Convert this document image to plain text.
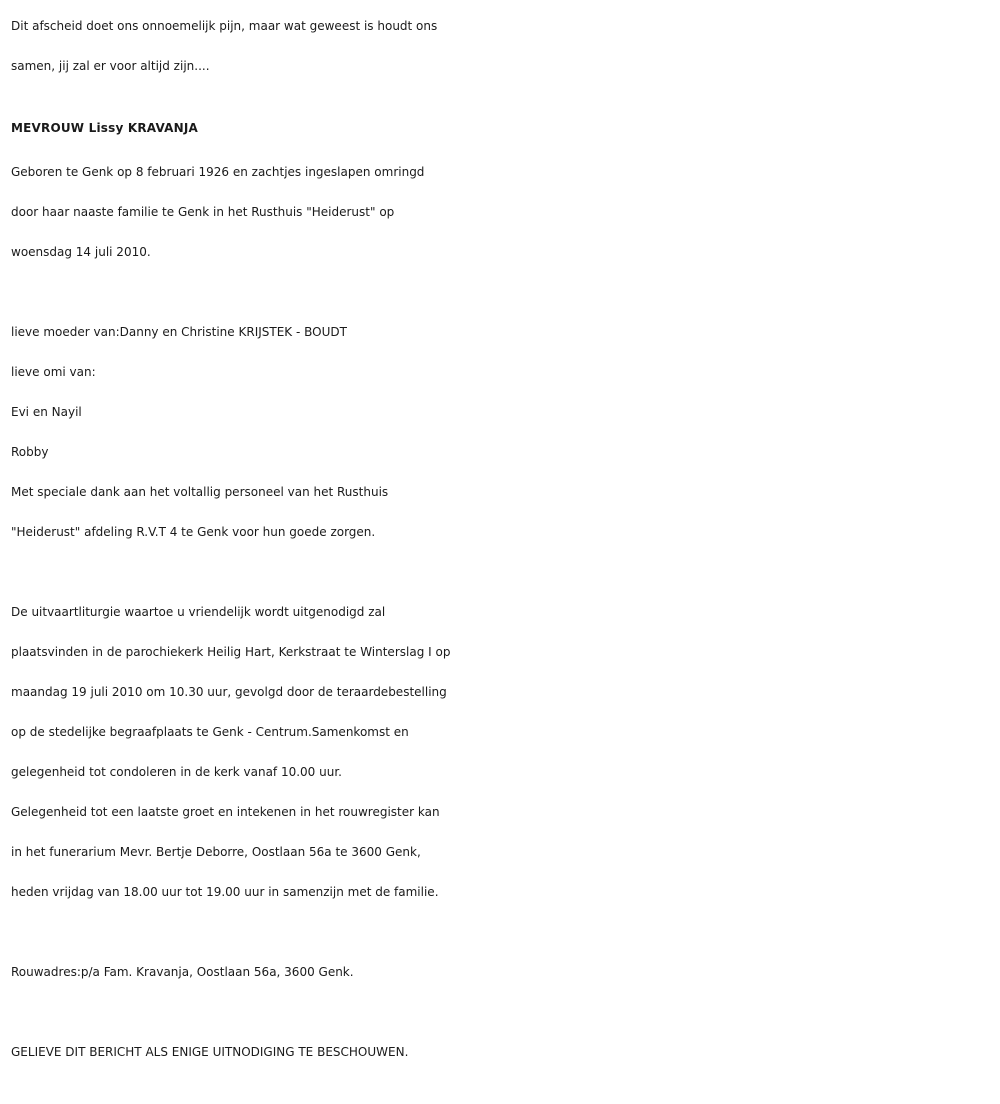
Dit afscheid doet ons onnoemelijk pijn, maar wat geweest is houdt ons

samen, jij zal er voor altijd zijn....

MEVROUW Lissy KRAVANJA

Geboren te Genk op 8 februari 1926 en zachtjes ingeslapen omringd

door haar naaste familie te Genk in het Rusthuis "Heiderust" op

woensdag 14 juli 2010.

lieve moeder van:Danny en Christine KRIJSTEK - BOUDT

lieve omi van:

Evi en Nayil

Robby

Met speciale dank aan het voltallig personeel van het Rusthuis

"Heiderust" afdeling R.V.T 4 te Genk voor hun goede zorgen.

De uitvaartliturgie waartoe u vriendelijk wordt uitgenodigd zal

plaatsvinden in de parochiekerk Heilig Hart, Kerkstraat te Winterslag I op

maandag 19 juli 2010 om 10.30 uur, gevolgd door de teraardebestelling

op de stedelijke begraafplaats te Genk - Centrum.Samenkomst en

gelegenheid tot condoleren in de kerk vanaf 10.00 uur.

Gelegenheid tot een laatste groet en intekenen in het rouwregister kan

in het funerarium Mevr. Bertje Deborre, Oostlaan 56a te 3600 Genk,

heden vrijdag van 18.00 uur tot 19.00 uur in samenzijn met de familie.

Rouwadres:p/a Fam. Kravanja, Oostlaan 56a, 3600 Genk.

GELIEVE DIT BERICHT ALS ENIGE UITNODIGING TE BESCHOUWEN.
